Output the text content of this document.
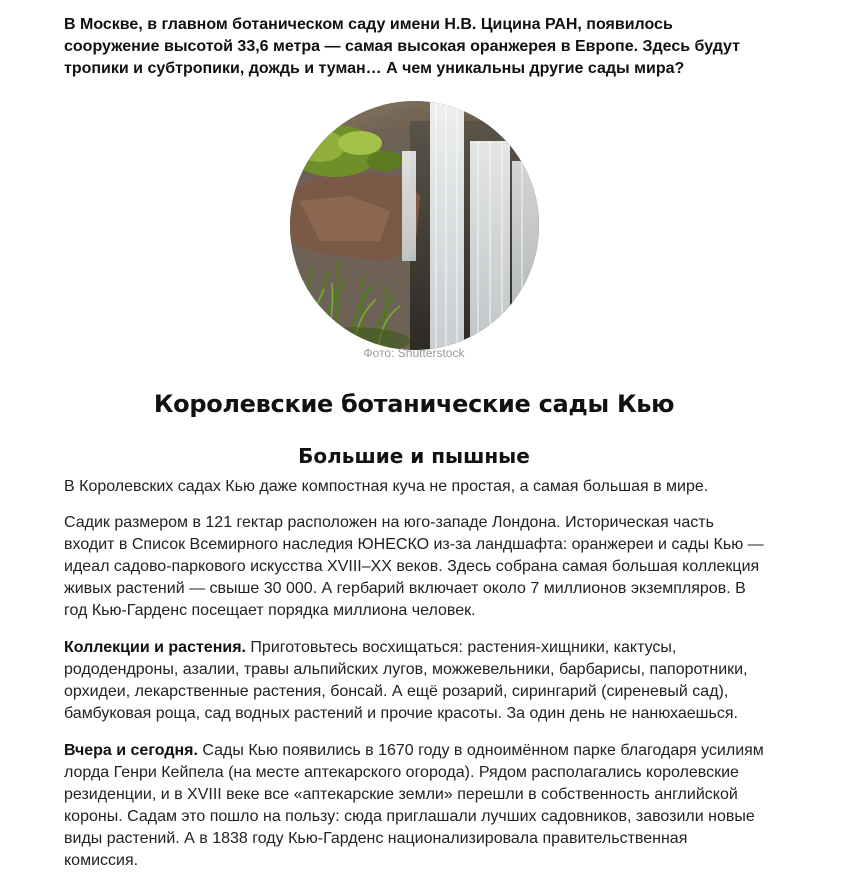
В Москве, в главном ботаническом саду имени Н.В. Цицина РАН, появилось сооружение высотой 33,6 метра — самая высокая оранжерея в Европе. Здесь будут тропики и субтропики, дождь и туман… А чем уникальны другие сады мира?

Фото: Shutterstock

Королевские ботанические сады Кью
Большие и пышные

В Королевских садах Кью даже компостная куча не простая, а самая большая в мире.

Садик размером в 121 гектар расположен на юго-западе Лондона. Историческая часть входит в Список Всемирного наследия ЮНЕСКО из-за ландшафта: оранжереи и сады Кью — идеал садово-паркового искусства XVIII–XX веков. Здесь собрана самая большая коллекция живых растений — свыше 30 000. А гербарий включает около 7 миллионов экземпляров. В год Кью-Гарденс посещает порядка миллиона человек.

Коллекции и растения. Приготовьтесь восхищаться: растения-хищники, кактусы, рододендроны, азалии, травы альпийских лугов, можжевельники, барбарисы, папоротники, орхидеи, лекарственные растения, бонсай. А ещё розарий, сирингарий (сиреневый сад), бамбуковая роща, сад водных растений и прочие красоты. За один день не нанюхаешься.

Вчера и сегодня. Сады Кью появились в 1670 году в одноимённом парке благодаря усилиям лорда Генри Кейпела (на месте аптекарского огорода). Рядом располагались королевские резиденции, и в XVIII веке все «аптекарские земли» перешли в собственность английской короны. Садам это пошло на пользу: сюда приглашали лучших садовников, завозили новые виды растений. А в 1838 году Кью-Гарденс национализировала правительственная комиссия.
